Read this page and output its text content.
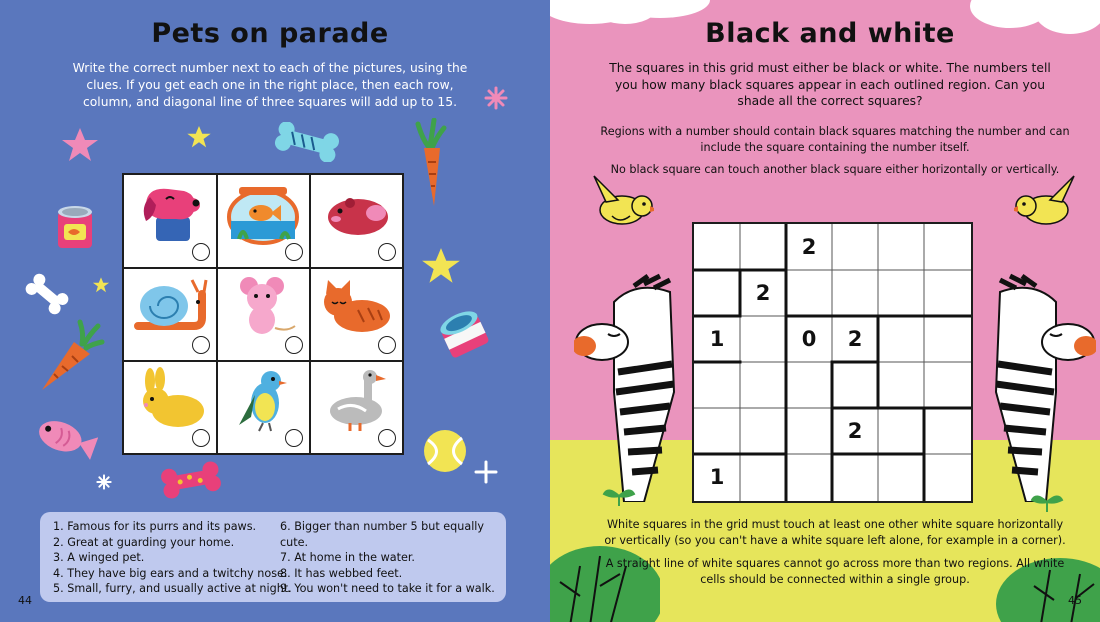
Pets on parade
Write the correct number next to each of the pictures, using the clues. If you get each one in the right place, then each row, column, and diagonal line of three squares will add up to 15.
1. Famous for its purrs and its paws.
2. Great at guarding your home.
3. A winged pet.
4. They have big ears and a twitchy nose.
5. Small, furry, and usually active at night.
6. Bigger than number 5 but equally cute.
7. At home in the water.
8. It has webbed feet.
9. You won't need to take it for a walk.
44
Black and white
The squares in this grid must either be black or white. The numbers tell you how many black squares appear in each outlined region. Can you shade all the correct squares?
Regions with a number should contain black squares matching the number and can include the square containing the number itself.
No black square can touch another black square either horizontally or vertically.
2
2
1	0	2
2
1
White squares in the grid must touch at least one other white square horizontally or vertically (so you can't have a white square left alone, for example in a corner).
A straight line of white squares cannot go across more than two regions. All white cells should be connected within a single group.
45
